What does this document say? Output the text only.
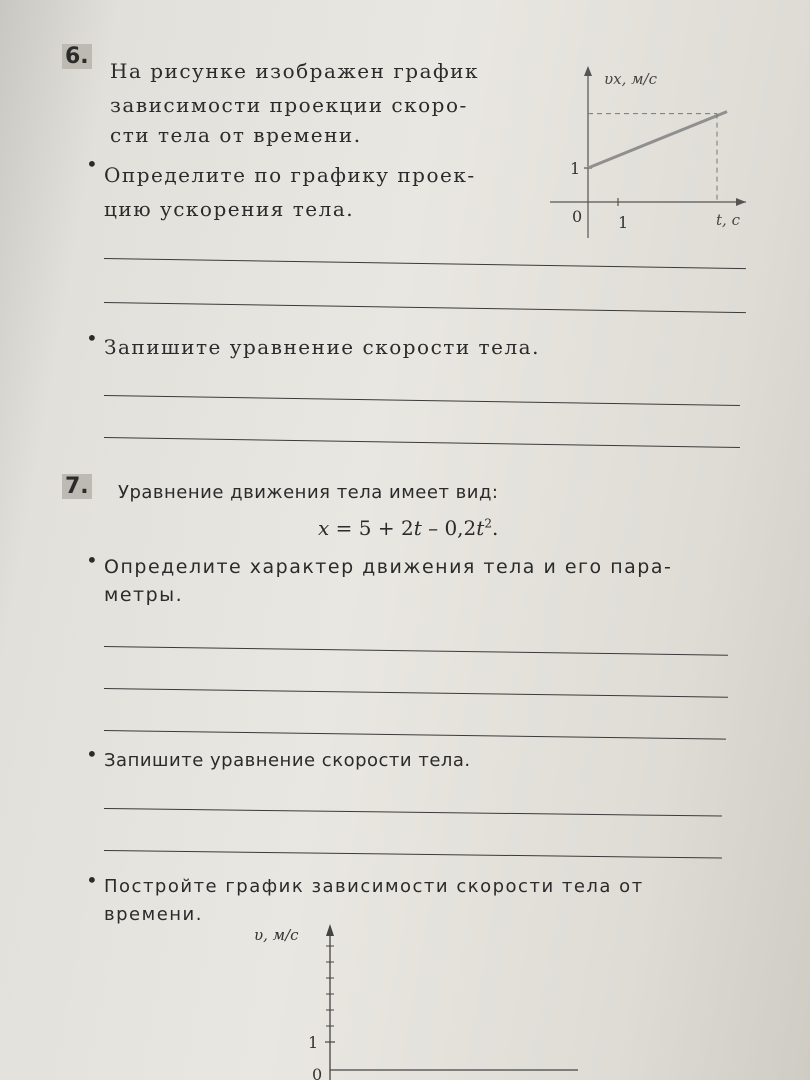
6.
На рисунке изображен график
зависимости проекции скоро-
сти тела от времени.
• Определите по графику проек-
цию ускорения тела.
• Запишите уравнение скорости тела.
υx, м/с
t, с
0 1
1
7. Уравнение движения тела имеет вид:
$x = 5 + 2t - 0,2t^2$.
• Определите характер движения тела и его пара-
метры.
• Запишите уравнение скорости тела.
• Постройте график зависимости скорости тела от
времени.
υ, м/с
1
0
